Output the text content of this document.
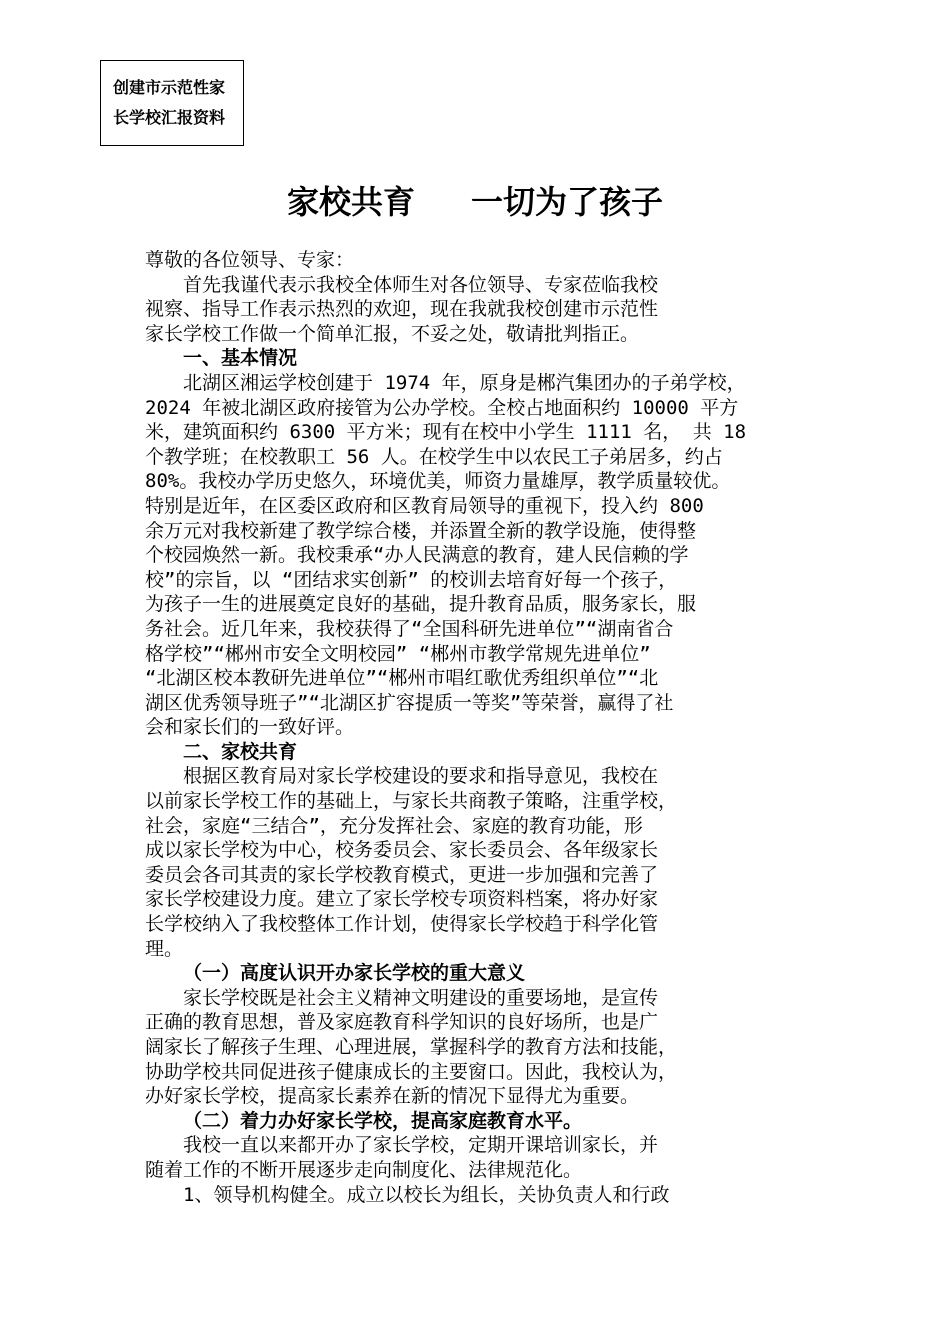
创建市示范性家
长学校汇报资料
家校共育 一切为了孩子
尊敬的各位领导、专家：
首先我谨代表示我校全体师生对各位领导、专家莅临我校
视察、指导工作表示热烈的欢迎，现在我就我校创建市示范性
家长学校工作做一个简单汇报，不妥之处，敬请批判指正。
一、基本情况
北湖区湘运学校创建于 1974 年，原身是郴汽集团办的子弟学校，
2024 年被北湖区政府接管为公办学校。全校占地面积约 10000 平方
米，建筑面积约 6300 平方米；现有在校中小学生 1111 名， 共 18
个教学班；在校教职工 56 人。在校学生中以农民工子弟居多，约占
80%。我校办学历史悠久，环境优美，师资力量雄厚，教学质量较优。
特别是近年，在区委区政府和区教育局领导的重视下，投入约 800
余万元对我校新建了教学综合楼，并添置全新的教学设施，使得整
个校园焕然一新。我校秉承“办人民满意的教育，建人民信赖的学
校”的宗旨，以 “团结求实创新” 的校训去培育好每一个孩子，
为孩子一生的进展奠定良好的基础，提升教育品质，服务家长，服
务社会。近几年来，我校获得了“全国科研先进单位”“湖南省合
格学校”“郴州市安全文明校园” “郴州市教学常规先进单位”
“北湖区校本教研先进单位”“郴州市唱红歌优秀组织单位”“北
湖区优秀领导班子”“北湖区扩容提质一等奖”等荣誉，赢得了社
会和家长们的一致好评。
二、家校共育
根据区教育局对家长学校建设的要求和指导意见，我校在
以前家长学校工作的基础上，与家长共商教子策略，注重学校，
社会，家庭“三结合”，充分发挥社会、家庭的教育功能，形
成以家长学校为中心，校务委员会、家长委员会、各年级家长
委员会各司其责的家长学校教育模式，更进一步加强和完善了
家长学校建设力度。建立了家长学校专项资料档案，将办好家
长学校纳入了我校整体工作计划，使得家长学校趋于科学化管
理。
（一）高度认识开办家长学校的重大意义
家长学校既是社会主义精神文明建设的重要场地，是宣传
正确的教育思想，普及家庭教育科学知识的良好场所，也是广
阔家长了解孩子生理、心理进展，掌握科学的教育方法和技能，
协助学校共同促进孩子健康成长的主要窗口。因此，我校认为，
办好家长学校，提高家长素养在新的情况下显得尤为重要。
（二）着力办好家长学校，提高家庭教育水平。
我校一直以来都开办了家长学校，定期开课培训家长，并
随着工作的不断开展逐步走向制度化、法律规范化。
1、领导机构健全。成立以校长为组长，关协负责人和行政
